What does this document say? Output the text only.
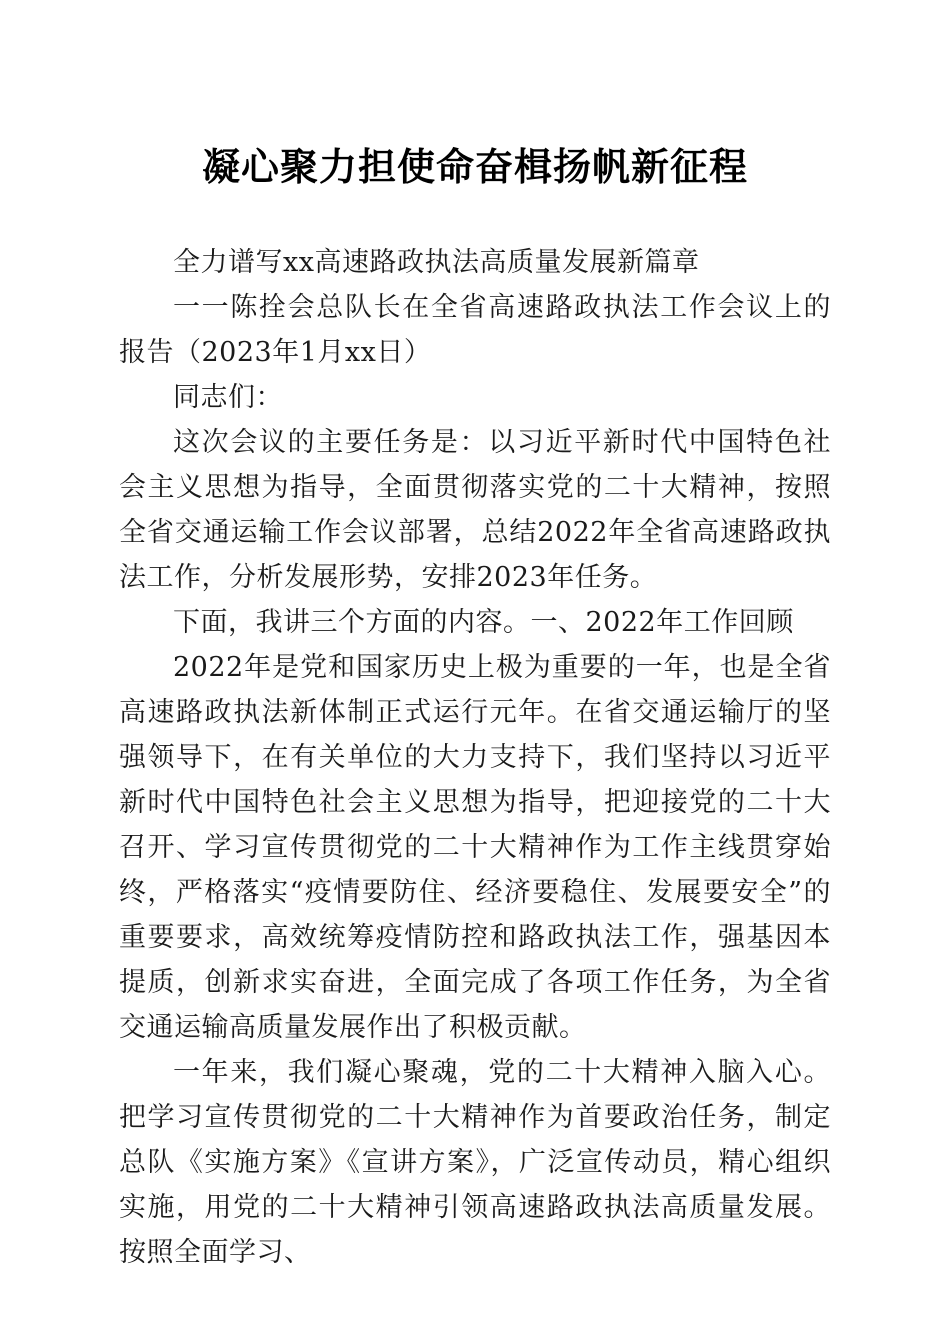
凝心聚力担使命奋楫扬帆新征程

全力谱写xx高速路政执法高质量发展新篇章

一一陈拴会总队长在全省高速路政执法工作会议上的报告（2023年1月xx日）

同志们：

这次会议的主要任务是：以习近平新时代中国特色社会主义思想为指导，全面贯彻落实党的二十大精神，按照全省交通运输工作会议部署，总结2022年全省高速路政执法工作，分析发展形势，安排2023年任务。

下面，我讲三个方面的内容。一、2022年工作回顾

2022年是党和国家历史上极为重要的一年，也是全省高速路政执法新体制正式运行元年。在省交通运输厅的坚强领导下，在有关单位的大力支持下，我们坚持以习近平新时代中国特色社会主义思想为指导，把迎接党的二十大召开、学习宣传贯彻党的二十大精神作为工作主线贯穿始终，严格落实“疫情要防住、经济要稳住、发展要安全”的重要要求，高效统筹疫情防控和路政执法工作，强基因本提质，创新求实奋进，全面完成了各项工作任务，为全省交通运输高质量发展作出了积极贡献。

一年来，我们凝心聚魂，党的二十大精神入脑入心。把学习宣传贯彻党的二十大精神作为首要政治任务，制定总队《实施方案》《宣讲方案》，广泛宣传动员，精心组织实施，用党的二十大精神引领高速路政执法高质量发展。按照全面学习、
